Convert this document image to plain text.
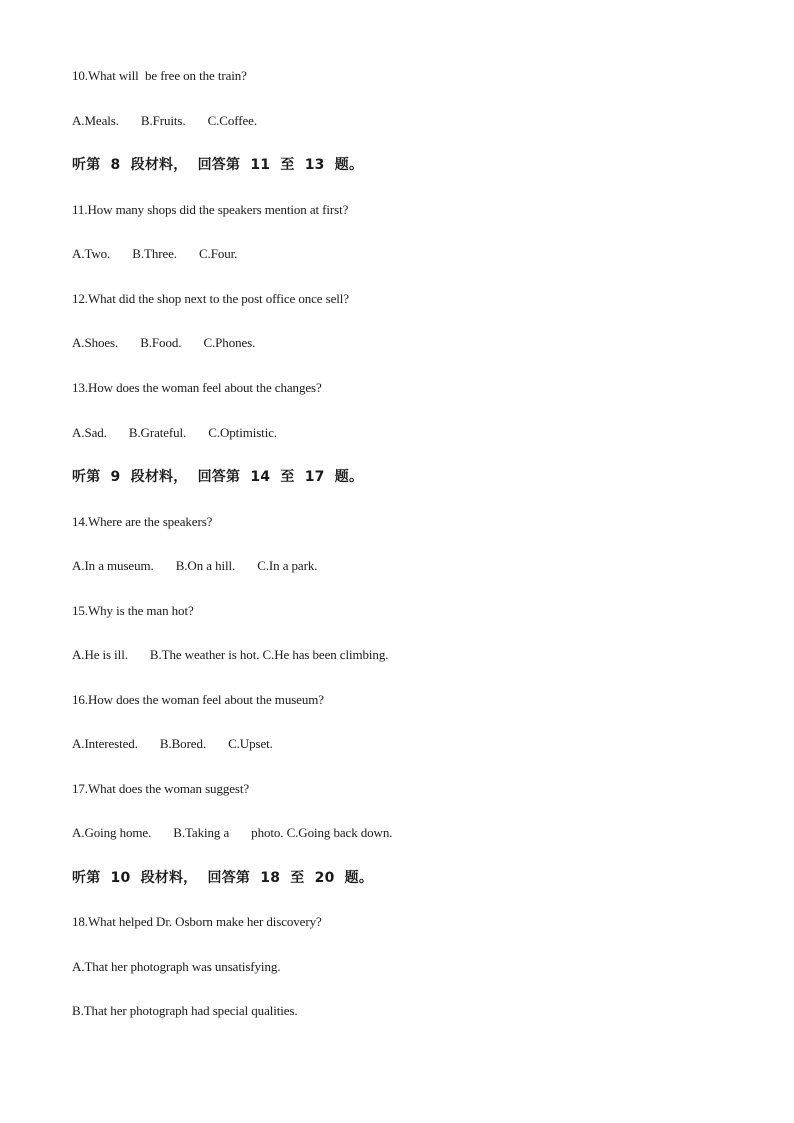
10.What will  be free on the train?
A.Meals.       B.Fruits.       C.Coffee.
听第  8  段材料，  回答第  11  至  13  题。
11.How many shops did the speakers mention at first?
A.Two.       B.Three.       C.Four.
12.What did the shop next to the post office once sell?
A.Shoes.       B.Food.       C.Phones.
13.How does the woman feel about the changes?
A.Sad.       B.Grateful.       C.Optimistic.
听第  9  段材料，  回答第  14  至  17  题。
14.Where are the speakers?
A.In a museum.       B.On a hill.       C.In a park.
15.Why is the man hot?
A.He is ill.       B.The weather is hot. C.He has been climbing.
16.How does the woman feel about the museum?
A.Interested.       B.Bored.       C.Upset.
17.What does the woman suggest?
A.Going home.       B.Taking a       photo. C.Going back down.
听第  10  段材料，  回答第  18  至  20  题。
18.What helped Dr. Osborn make her discovery?
A.That her photograph was unsatisfying.
B.That her photograph had special qualities.
